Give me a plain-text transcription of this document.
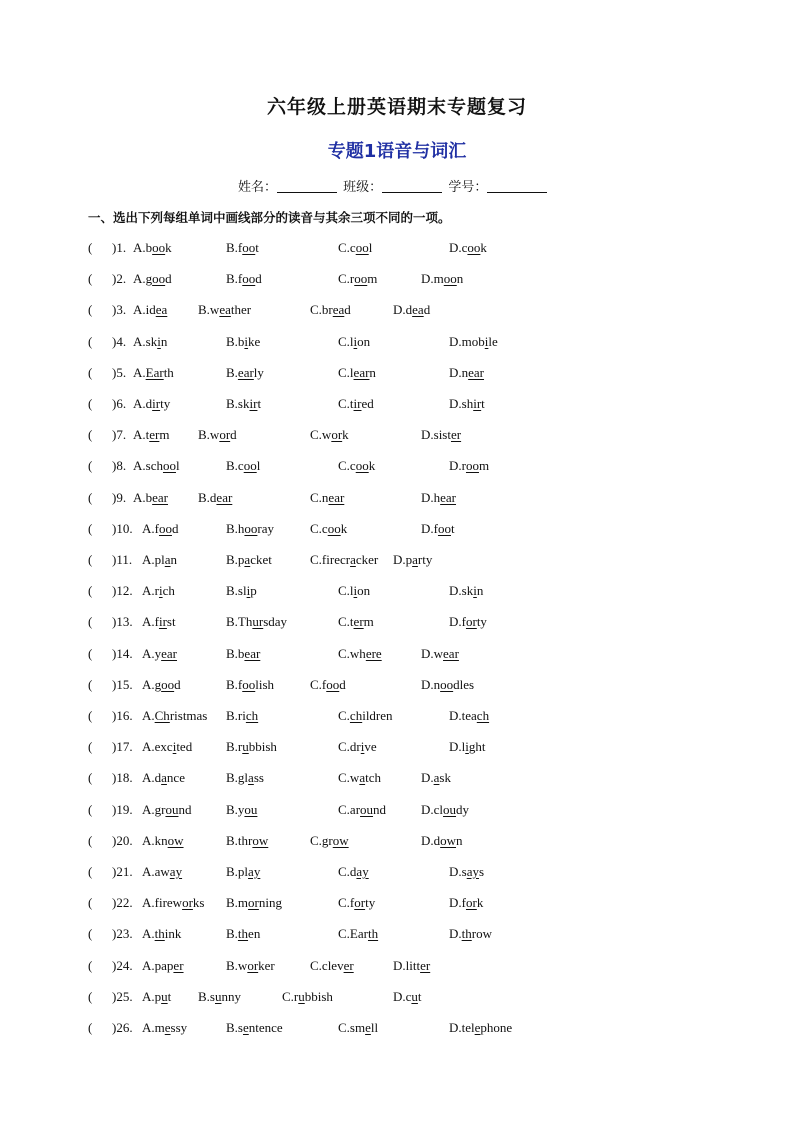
六年级上册英语期末专题复习
专题1语音与词汇
姓名：	班级：	学号：
一、选出下列每组单词中画线部分的读音与其余三项不同的一项。
( )1. A.book	B.foot	C.cool	D.cook
( )2. A.good	B.food	C.room	D.moon
( )3. A.idea B.weather	C.bread	D.dead
( )4. A.skin	B.bike	C.lion	D.mobile
( )5. A.Earth	B.early	C.learn	D.near
( )6. A.dirty	B.skirt	C.tired	D.shirt
( )7. A.term B.word	C.work	D.sister
( )8. A.school	B.cool	C.cook	D.room
( )9. A.bear B.dear	C.near	D.hear
( )10. A.food	B.hooray	C.cook	D.foot
( )11. A.plan	B.packet	C.firecracker D.party
( )12. A.rich	B.slip	C.lion	D.skin
( )13. A.first	B.Thursday	C.term	D.forty
( )14. A.year	B.bear	C.where	D.wear
( )15. A.good	B.foolish	C.food	D.noodles
( )16. A.Christmas B.rich	C.children	D.teach
( )17. A.excited	B.rubbish	C.drive	D.light
( )18. A.dance	B.glass	C.watch	D.ask
( )19. A.ground	B.you	C.around	D.cloudy
( )20. A.know	B.throw	C.grow	D.down
( )21. A.away	B.play	C.day	D.says
( )22. A.fireworks B.morning	C.forty	D.fork
( )23. A.think	B.then	C.Earth	D.throw
( )24. A.paper	B.worker	C.clever	D.litter
( )25. A.put B.sunny	C.rubbish	D.cut
( )26. A.messy	B.sentence	C.smell	D.telephone
